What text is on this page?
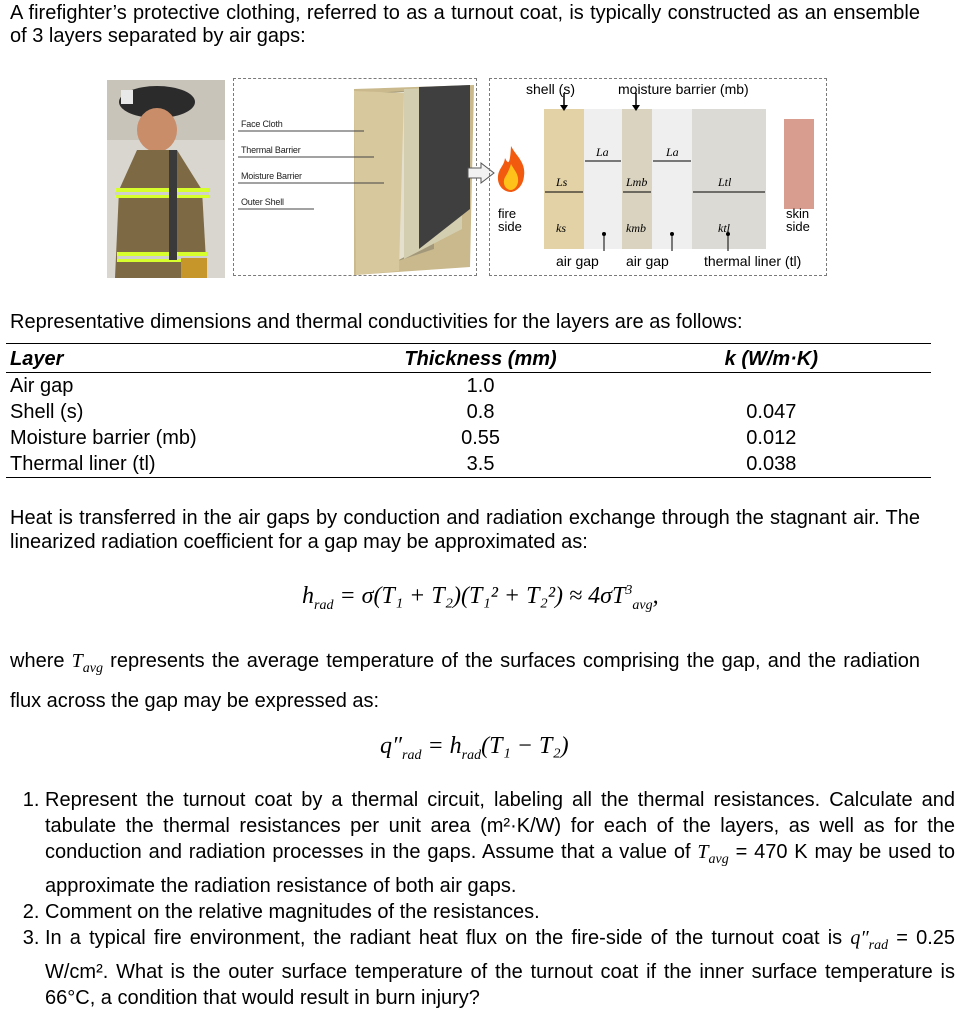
A firefighter’s protective clothing, referred to as a turnout coat, is typically constructed as an ensemble of 3 layers separated by air gaps:
Face Cloth
Thermal Barrier
Moisture Barrier
Outer Shell
shell (s)	moisture barrier (mb)
La	La
Ls	Lmb	Ltl
ks	kmb	ktl
fire
side
skin
side
air gap air gap	thermal liner (tl)
Representative dimensions and thermal conductivities for the layers are as follows:
Layer	Thickness (mm)	k (W/m·K)
Air gap	1.0	
Shell (s)	0.8	0.047
Moisture barrier (mb)	0.55	0.012
Thermal liner (tl)	3.5	0.038
Heat is transferred in the air gaps by conduction and radiation exchange through the stagnant air. The linearized radiation coefficient for a gap may be approximated as:
$h_{rad} = \sigma(T_1 + T_2)(T_1^2 + T_2^2) \approx 4\sigma T^3_{avg}$,
where $T_{avg}$ represents the average temperature of the surfaces comprising the gap, and the radiation flux across the gap may be expressed as:
$q''_{rad} = h_{rad}(T_1 - T_2)$
1. Represent the turnout coat by a thermal circuit, labeling all the thermal resistances. Calculate and tabulate the thermal resistances per unit area (m²·K/W) for each of the layers, as well as for the conduction and radiation processes in the gaps. Assume that a value of $T_{avg} = 470$ K may be used to approximate the radiation resistance of both air gaps.
2. Comment on the relative magnitudes of the resistances.
3. In a typical fire environment, the radiant heat flux on the fire-side of the turnout coat is $q''_{rad} = 0.25$ W/cm². What is the outer surface temperature of the turnout coat if the inner surface temperature is 66°C, a condition that would result in burn injury?
